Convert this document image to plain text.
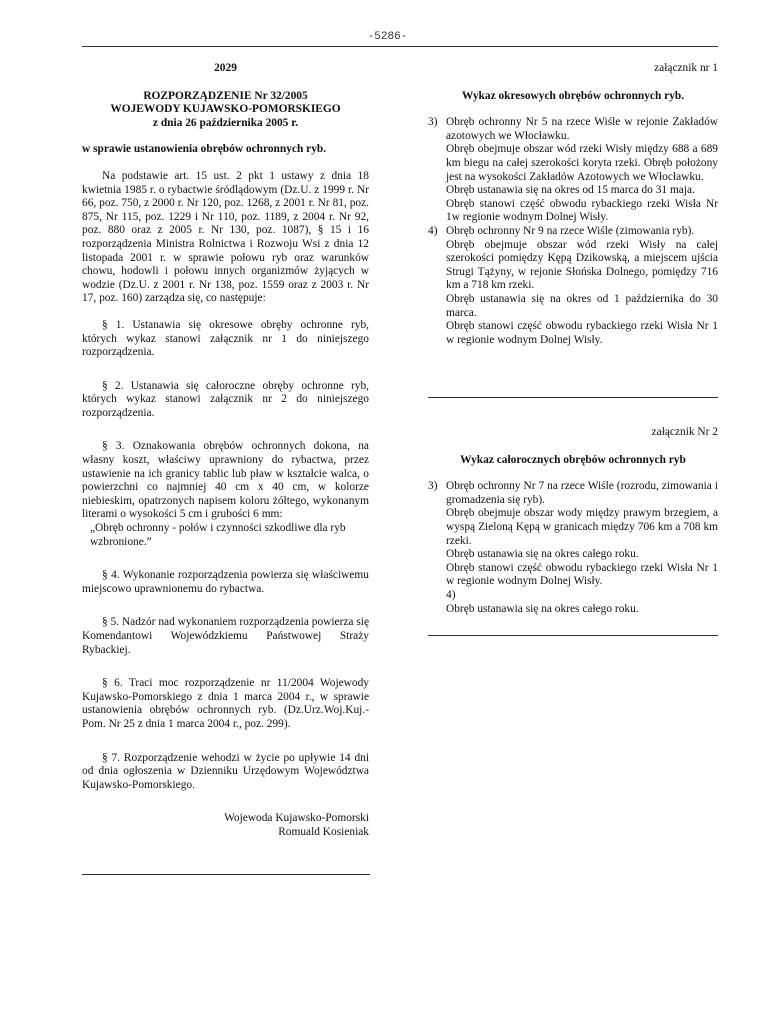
-5286-

2029

ROZPORZĄDZENIE Nr 32/2005

WOJEWODY KUJAWSKO-POMORSKIEGO

z dnia 26 października 2005 r.

w sprawie ustanowienia obrębów ochronnych ryb.

Na podstawie art. 15 ust. 2 pkt 1 ustawy z dnia 18 kwietnia 1985 r. o rybactwie śródlądowym (Dz.U. z 1999 r. Nr 66, poz. 750, z 2000 r. Nr 120, poz. 1268, z 2001 r. Nr 81, poz. 875, Nr 115, poz. 1229 i Nr 110, poz. 1189, z 2004 r. Nr 92, poz. 880 oraz z 2005 r. Nr 130, poz. 1087), § 15 i 16 rozporządzenia Ministra Rolnictwa i Rozwoju Wsi z dnia 12 listopada 2001 r. w sprawie połowu ryb oraz warunków chowu, hodowli i połowu innych organizmów żyjących w wodzie (Dz.U. z 2001 r. Nr 138, poz. 1559 oraz z 2003 r. Nr 17, poz. 160) zarządza się, co następuje:

§ 1. Ustanawia się okresowe obręby ochronne ryb, których wykaz stanowi załącznik nr 1 do niniejszego rozporządzenia.

§ 2. Ustanawia się całoroczne obręby ochronne ryb, których wykaz stanowi załącznik nr 2 do niniejszego rozporządzenia.

§ 3. Oznakowania obrębów ochronnych dokona, na własny koszt, właściwy uprawniony do rybactwa, przez ustawienie na ich granicy tablic lub pław w kształcie walca, o powierzchni co najmniej 40 cm x 40 cm, w kolorze niebieskim, opatrzonych napisem koloru żółtego, wykonanym literami o wysokości 5 cm i grubości 6 mm:

„Obręb ochronny - połów i czynności szkodliwe dla ryb wzbronione.”

§ 4. Wykonanie rozporządzenia powierza się właściwemu miejscowo uprawnionemu do rybactwa.

§ 5. Nadzór nad wykonaniem rozporządzenia powierza się Komendantowi Wojewódzkiemu Państwowej Straży Rybackiej.

§ 6. Traci moc rozporządzenie nr 11/2004 Wojewody Kujawsko-Pomorskiego z dnia 1 marca 2004 r., w sprawie ustanowienia obrębów ochronnych ryb. (Dz.Urz.Woj.Kuj.-Pom. Nr 25 z dnia 1 marca 2004 r., poz. 299).

§ 7. Rozporządzenie wehodzi w życie po upływie 14 dni od dnia ogłoszenia w Dzienniku Urzędowym Województwa Kujawsko-Pomorskiego.

Wojewoda Kujawsko-Pomorski

Romuald Kosieniak

załącznik nr 1

Wykaz okresowych obrębów ochronnych ryb.

3) Obręb ochronny Nr 5 na rzece Wiśle w rejonie Zakładów azotowych we Włocławku.

Obręb obejmuje obszar wód rzeki Wisły między 688 a 689 km biegu na całej szerokości koryta rzeki. Obręb położony jest na wysokości Zakładów Azotowych we Włocławku.

Obręb ustanawia się na okres od 15 marca do 31 maja.

Obręb stanowi część obwodu rybackiego rzeki Wisła Nr 1w regionie wodnym Dolnej Wisły.

4) Obręb ochronny Nr 9 na rzece Wiśle (zimowania ryb).

Obręb obejmuje obszar wód rzeki Wisły na całej szerokości pomiędzy Kępą Dzikowską, a miejscem ujścia Strugi Tążyny, w rejonie Słońska Dolnego, pomiędzy 716 km a 718 km rzeki.

Obręb ustanawia się na okres od 1 października do 30 marca.

Obręb stanowi część obwodu rybackiego rzeki Wisła Nr 1 w regionie wodnym Dolnej Wisły.

załącznik Nr 2

Wykaz całorocznych obrębów ochronnych ryb

3) Obręb ochronny Nr 7 na rzece Wiśle (rozrodu, zimowania i gromadzenia się ryb).

Obręb obejmuje obszar wody między prawym brzegiem, a wyspą Zieloną Kępą w granicach między 706 km a 708 km rzeki.

Obręb ustanawia się na okres całego roku.

Obręb stanowi część obwodu rybackiego rzeki Wisła Nr 1 w regionie wodnym Dolnej Wisły.

4)

Obręb ustanawia się na okres całego roku.
